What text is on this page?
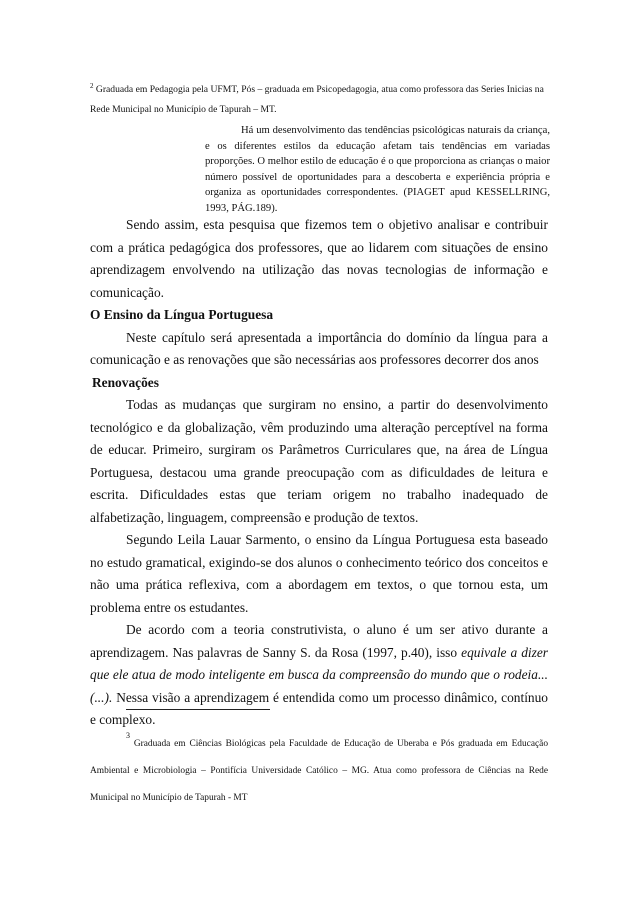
$^2$ Graduada em Pedagogia pela UFMT, Pós – graduada em Psicopedagogia, atua como professora das Series Inicias na Rede Municipal no Município de Tapurah – MT.
Há um desenvolvimento das tendências psicológicas naturais da criança, e os diferentes estilos da educação afetam tais tendências em variadas proporções. O melhor estilo de educação é o que proporciona as crianças o maior número possível de oportunidades para a descoberta e experiência própria e organiza as oportunidades correspondentes. (PIAGET apud KESSELLRING, 1993, PÁG.189).

Sendo assim, esta pesquisa que fizemos tem o objetivo analisar e contribuir com a prática pedagógica dos professores, que ao lidarem com situações de ensino aprendizagem envolvendo na utilização das novas tecnologias de informação e comunicação.

O Ensino da Língua Portuguesa

Neste capítulo será apresentada a importância do domínio da língua para a comunicação e as renovações que são necessárias aos professores decorrer dos anos

Renovações

Todas as mudanças que surgiram no ensino, a partir do desenvolvimento tecnológico e da globalização, vêm produzindo uma alteração perceptível na forma de educar. Primeiro, surgiram os Parâmetros Curriculares que, na área de Língua Portuguesa, destacou uma grande preocupação com as dificuldades de leitura e escrita. Dificuldades estas que teriam origem no trabalho inadequado de alfabetização, linguagem, compreensão e produção de textos.

Segundo Leila Lauar Sarmento, o ensino da Língua Portuguesa esta baseado no estudo gramatical, exigindo-se dos alunos o conhecimento teórico dos conceitos e não uma prática reflexiva, com a abordagem em textos, o que tornou esta, um problema entre os estudantes.

De acordo com a teoria construtivista, o aluno é um ser ativo durante a aprendizagem. Nas palavras de Sanny S. da Rosa (1997, p.40), isso equivale a dizer que ele atua de modo inteligente em busca da compreensão do mundo que o rodeia...(...). Nessa visão a aprendizagem é entendida como um processo dinâmico, contínuo e complexo.

3 Graduada em Ciências Biológicas pela Faculdade de Educação de Uberaba e Pós graduada em Educação Ambiental e Microbiologia – Pontifícia Universidade Católico – MG. Atua como professora de Ciências na Rede Municipal no Município de Tapurah - MT
